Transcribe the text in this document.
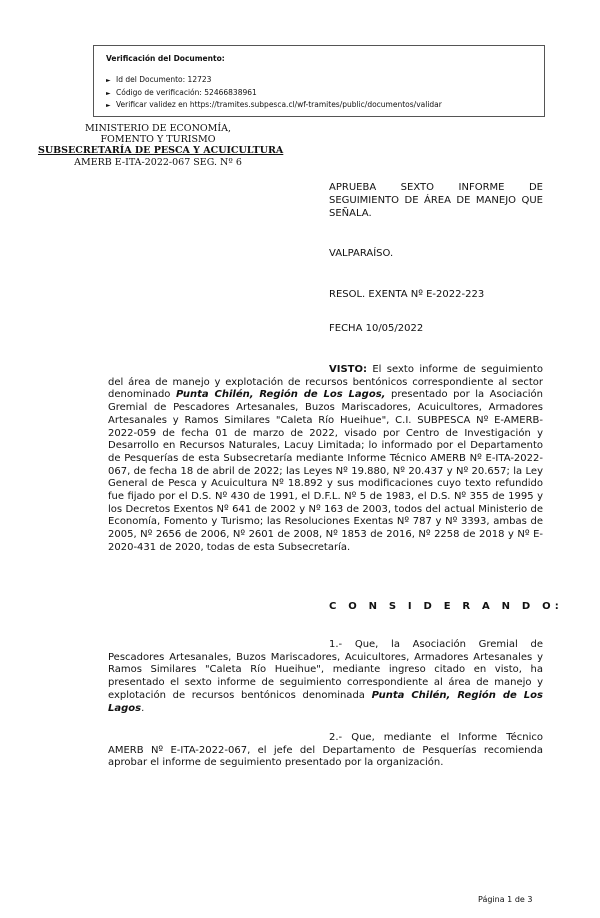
Verificación del Documento:

► Id del Documento: 12723
► Código de verificación: 52466838961
► Verificar validez en https://tramites.subpesca.cl/wf-tramites/public/documentos/validar
MINISTERIO DE ECONOMÍA,
FOMENTO Y TURISMO
SUBSECRETARÍA DE PESCA Y ACUICULTURA
AMERB E-ITA-2022-067 SEG. Nº 6
APRUEBA SEXTO INFORME DE SEGUIMIENTO DE ÁREA DE MANEJO QUE SEÑALA.
VALPARAÍSO.
RESOL. EXENTA Nº E-2022-223
FECHA 10/05/2022
VISTO: El sexto informe de seguimiento del área de manejo y explotación de recursos bentónicos correspondiente al sector denominado Punta Chilén, Región de Los Lagos, presentado por la Asociación Gremial de Pescadores Artesanales, Buzos Mariscadores, Acuicultores, Armadores Artesanales y Ramos Similares "Caleta Río Hueihue", C.I. SUBPESCA Nº E-AMERB-2022-059 de fecha 01 de marzo de 2022, visado por Centro de Investigación y Desarrollo en Recursos Naturales, Lacuy Limitada; lo informado por el Departamento de Pesquerías de esta Subsecretaría mediante Informe Técnico AMERB Nº E-ITA-2022-067, de fecha 18 de abril de 2022; las Leyes Nº 19.880, Nº 20.437 y Nº 20.657; la Ley General de Pesca y Acuicultura Nº 18.892 y sus modificaciones cuyo texto refundido fue fijado por el D.S. Nº 430 de 1991, el D.F.L. Nº 5 de 1983, el D.S. Nº 355 de 1995 y los Decretos Exentos Nº 641 de 2002 y Nº 163 de 2003, todos del actual Ministerio de Economía, Fomento y Turismo; las Resoluciones Exentas Nº 787 y Nº 3393, ambas de 2005, Nº 2656 de 2006, Nº 2601 de 2008, Nº 1853 de 2016, Nº 2258 de 2018 y Nº E-2020-431 de 2020, todas de esta Subsecretaría.
C O N S I D E R A N D O:
1.- Que, la Asociación Gremial de Pescadores Artesanales, Buzos Mariscadores, Acuicultores, Armadores Artesanales y Ramos Similares "Caleta Río Hueihue", mediante ingreso citado en visto, ha presentado el sexto informe de seguimiento correspondiente al área de manejo y explotación de recursos bentónicos denominada Punta Chilén, Región de Los Lagos.
2.- Que, mediante el Informe Técnico AMERB Nº E-ITA-2022-067, el jefe del Departamento de Pesquerías recomienda aprobar el informe de seguimiento presentado por la organización.
Página 1 de 3
